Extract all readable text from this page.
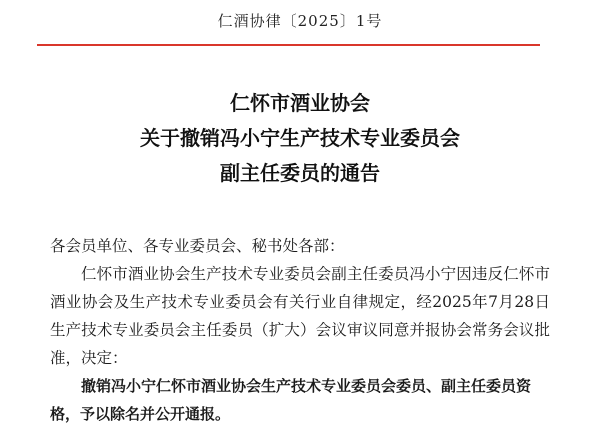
仁酒协律〔2025〕1号
仁怀市酒业协会
关于撤销冯小宁生产技术专业委员会
副主任委员的通告

各会员单位、各专业委员会、秘书处各部：

仁怀市酒业协会生产技术专业委员会副主任委员冯小宁因违反仁怀市酒业协会及生产技术专业委员会有关行业自律规定，经2025年7月28日生产技术专业委员会主任委员（扩大）会议审议同意并报协会常务会议批准，决定：

撤销冯小宁仁怀市酒业协会生产技术专业委员会委员、副主任委员资格，予以除名并公开通报。
